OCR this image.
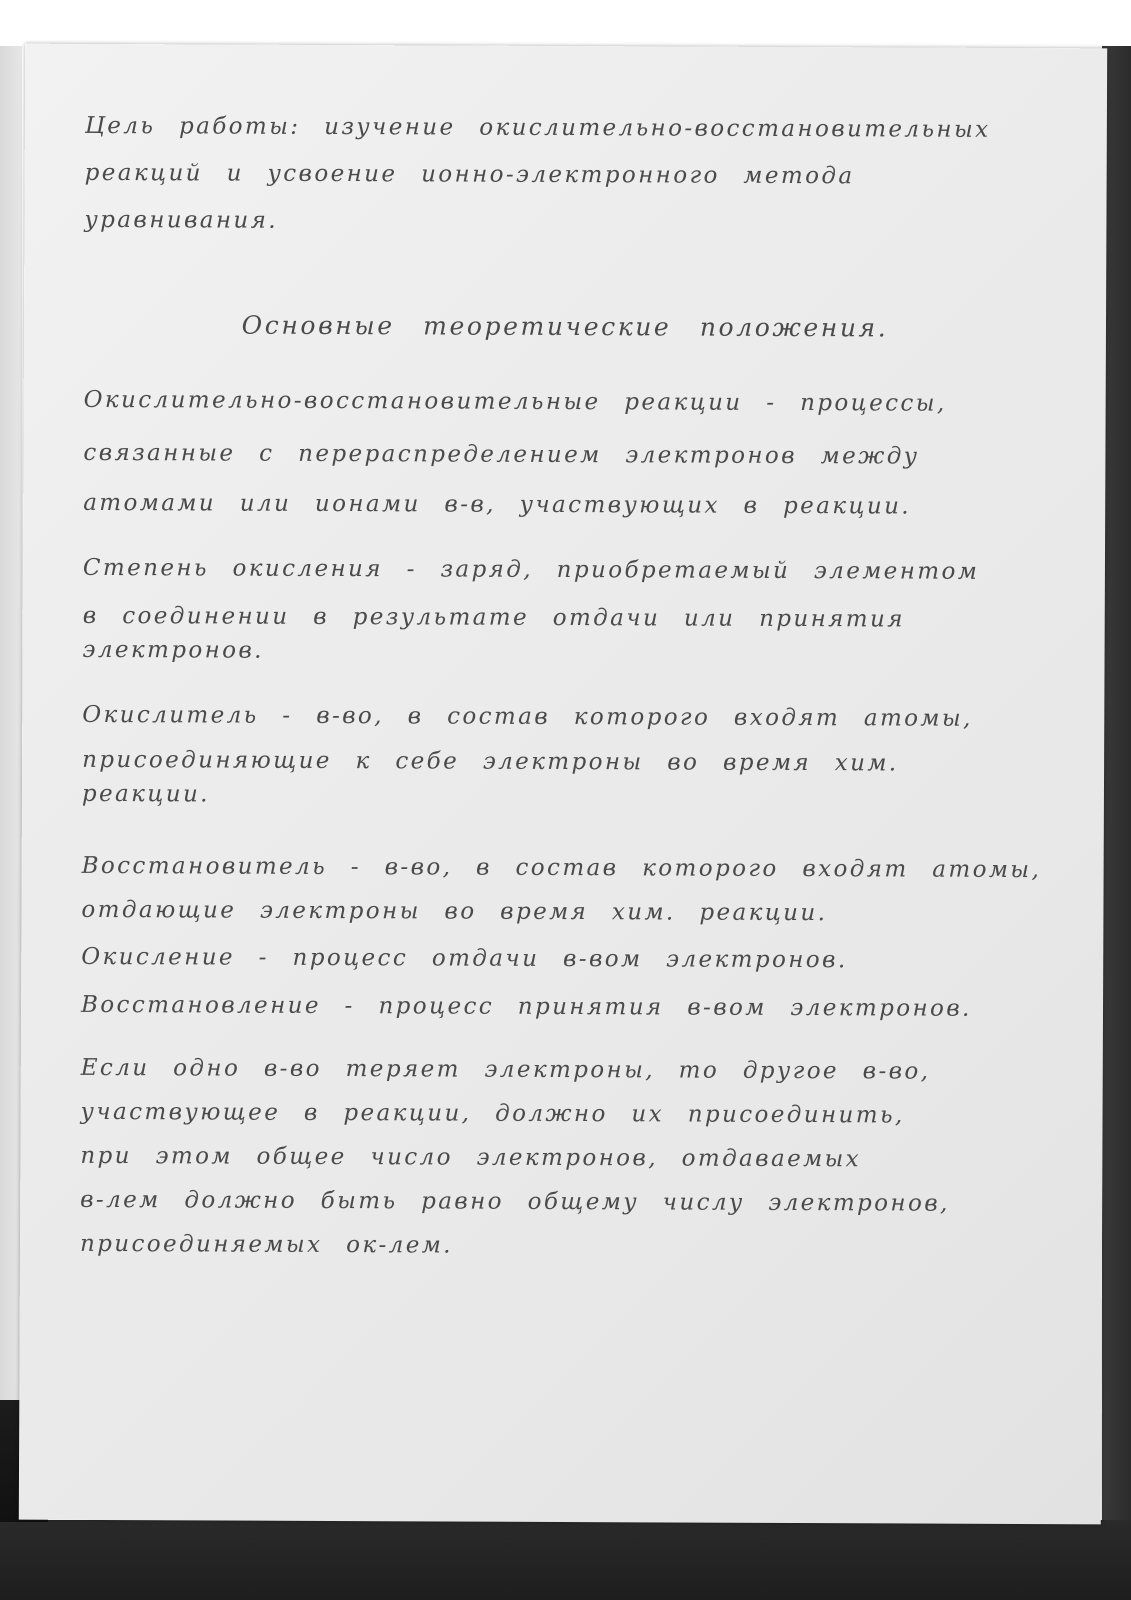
Цель работы: изучение окислительно-восстановительных

реакций и усвоение ионно-электронного метода

уравнивания.

Основные теоретические положения.

Окислительно-восстановительные реакции - процессы,

связанные с перераспределением электронов между

атомами или ионами в-в, участвующих в реакции.

Степень окисления - заряд, приобретаемый элементом

в соединении в результате отдачи или принятия

электронов.

Окислитель - в-во, в состав которого входят атомы,

присоединяющие к себе электроны во время хим.

реакции.

Восстановитель - в-во, в состав которого входят атомы,

отдающие электроны во время хим. реакции.

Окисление - процесс отдачи в-вом электронов.

Восстановление - процесс принятия в-вом электронов.

Если одно в-во теряет электроны, то другое в-во,

участвующее в реакции, должно их присоединить,

при этом общее число электронов, отдаваемых

в-лем должно быть равно общему числу электронов,

присоединяемых ок-лем.
